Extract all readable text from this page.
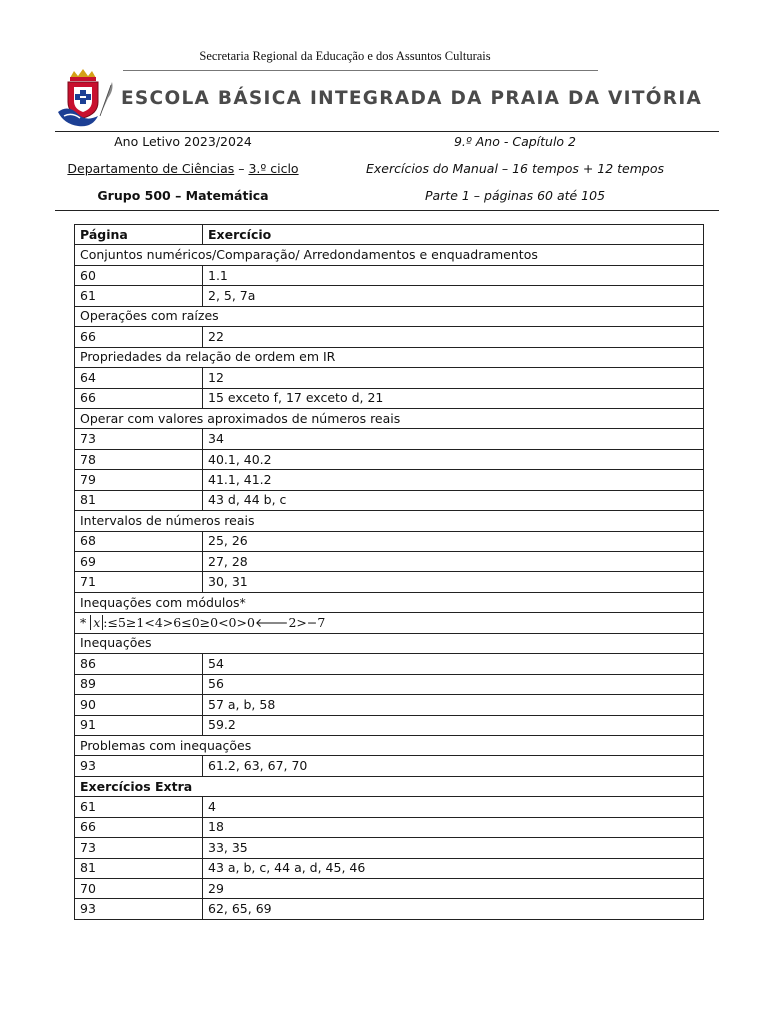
Secretaria Regional da Educação e dos Assuntos Culturais
ESCOLA BÁSICA INTEGRADA DA PRAIA DA VITÓRIA
Ano Letivo 2023/2024
Departamento de Ciências – 3.º ciclo
Grupo 500 – Matemática
9.º Ano - Capítulo 2
Exercícios do Manual – 16 tempos + 12 tempos
Parte 1 – páginas 60 até 105
Página	Exercício
Conjuntos numéricos/Comparação/ Arredondamentos e enquadramentos	
60	1.1
61	2, 5, 7a
Operações com raízes	
66	22
Propriedades da relação de ordem em IR	
64	12
66	15 exceto f, 17 exceto d, 21
Operar com valores aproximados de números reais	
73	34
78	40.1, 40.2
79	41.1, 41.2
81	43 d, 44 b, c
Intervalos de números reais	
68	25, 26
69	27, 28
71	30, 31
Inequações com módulos*	
* x :≤5≥1<4>6≤0≥0<0>0🡐2>−7	
Inequações	
86	54
89	56
90	57 a, b, 58
91	59.2
Problemas com inequações	
93	61.2, 63, 67, 70
Exercícios Extra	
61	4
66	18
73	33, 35
81	43 a, b, c, 44 a, d, 45, 46
70	29
93	62, 65, 69
